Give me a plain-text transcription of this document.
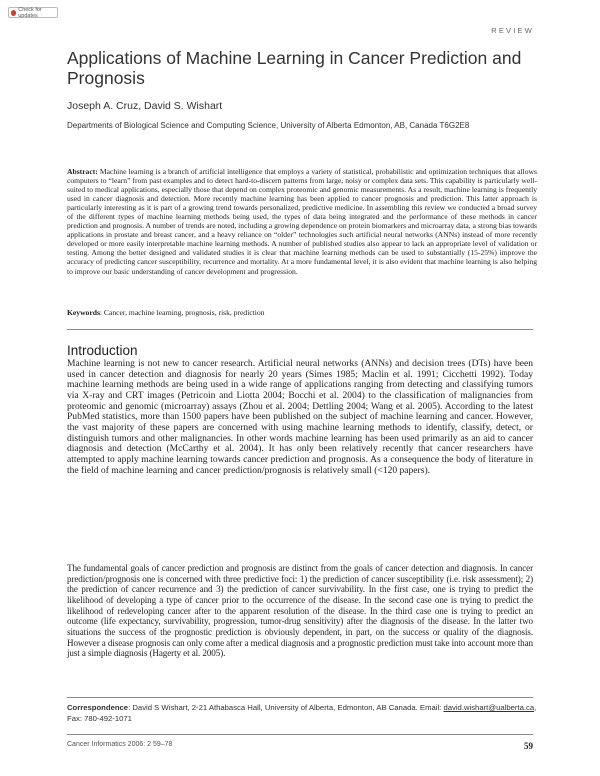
Check for updates
REVIEW
Applications of Machine Learning in Cancer Prediction and Prognosis
Joseph A. Cruz, David S. Wishart
Departments of Biological Science and Computing Science, University of Alberta Edmonton, AB, Canada T6G2E8

Abstract: Machine learning is a branch of artificial intelligence that employs a variety of statistical, probabilistic and optimization techniques that allows computers to “learn” from past examples and to detect hard-to-discern patterns from large, noisy or complex data sets. This capability is particularly well-suited to medical applications, especially those that depend on complex proteomic and genomic measurements. As a result, machine learning is frequently used in cancer diagnosis and detection. More recently machine learning has been applied to cancer prognosis and prediction. This latter approach is particularly interesting as it is part of a growing trend towards personalized, predictive medicine. In assembling this review we conducted a broad survey of the different types of machine learning methods being used, the types of data being integrated and the performance of these methods in cancer prediction and prognosis. A number of trends are noted, including a growing dependence on protein biomarkers and microarray data, a strong bias towards applications in prostate and breast cancer, and a heavy reliance on “older” technologies such artificial neural networks (ANNs) instead of more recently developed or more easily interpretable machine learning methods. A number of published studies also appear to lack an appropriate level of validation or testing. Among the better designed and validated studies it is clear that machine learning methods can be used to substantially (15-25%) improve the accuracy of predicting cancer susceptibility, recurrence and mortality. At a more fundamental level, it is also evident that machine learning is also helping to improve our basic understanding of cancer development and progression.

Keywords: Cancer, machine learning, prognosis, risk, prediction
Introduction

Machine learning is not new to cancer research. Artificial neural networks (ANNs) and decision trees (DTs) have been used in cancer detection and diagnosis for nearly 20 years (Simes 1985; Maclin et al. 1991; Cicchetti 1992). Today machine learning methods are being used in a wide range of applications ranging from detecting and classifying tumors via X-ray and CRT images (Petricoin and Liotta 2004; Bocchi et al. 2004) to the classification of malignancies from proteomic and genomic (microarray) assays (Zhou et al. 2004; Dettling 2004; Wang et al. 2005). According to the latest PubMed statistics, more than 1500 papers have been published on the subject of machine learning and cancer. However, the vast majority of these papers are concerned with using machine learning methods to identify, classify, detect, or distinguish tumors and other malignancies. In other words machine learning has been used primarily as an aid to cancer diagnosis and detection (McCarthy et al. 2004). It has only been relatively recently that cancer researchers have attempted to apply machine learning towards cancer prediction and prognosis. As a consequence the body of literature in the field of machine learning and cancer prediction/prognosis is relatively small (<120 papers).

The fundamental goals of cancer prediction and prognosis are distinct from the goals of cancer detection and diagnosis. In cancer prediction/prognosis one is concerned with three predictive foci: 1) the prediction of cancer susceptibility (i.e. risk assessment); 2) the prediction of cancer recurrence and 3) the prediction of cancer survivability. In the first case, one is trying to predict the likelihood of developing a type of cancer prior to the occurrence of the disease. In the second case one is trying to predict the likelihood of redeveloping cancer after to the apparent resolution of the disease. In the third case one is trying to predict an outcome (life expectancy, survivability, progression, tumor-drug sensitivity) after the diagnosis of the disease. In the latter two situations the success of the prognostic prediction is obviously dependent, in part, on the success or quality of the diagnosis. However a disease prognosis can only come after a medical diagnosis and a prognostic prediction must take into account more than just a simple diagnosis (Hagerty et al. 2005).

Correspondence: David S Wishart, 2-21 Athabasca Hall, University of Alberta, Edmonton, AB Canada. Email: david.wishart@ualberta.ca, Fax: 780-492-1071
Cancer Informatics 2006: 2 59–78	59
